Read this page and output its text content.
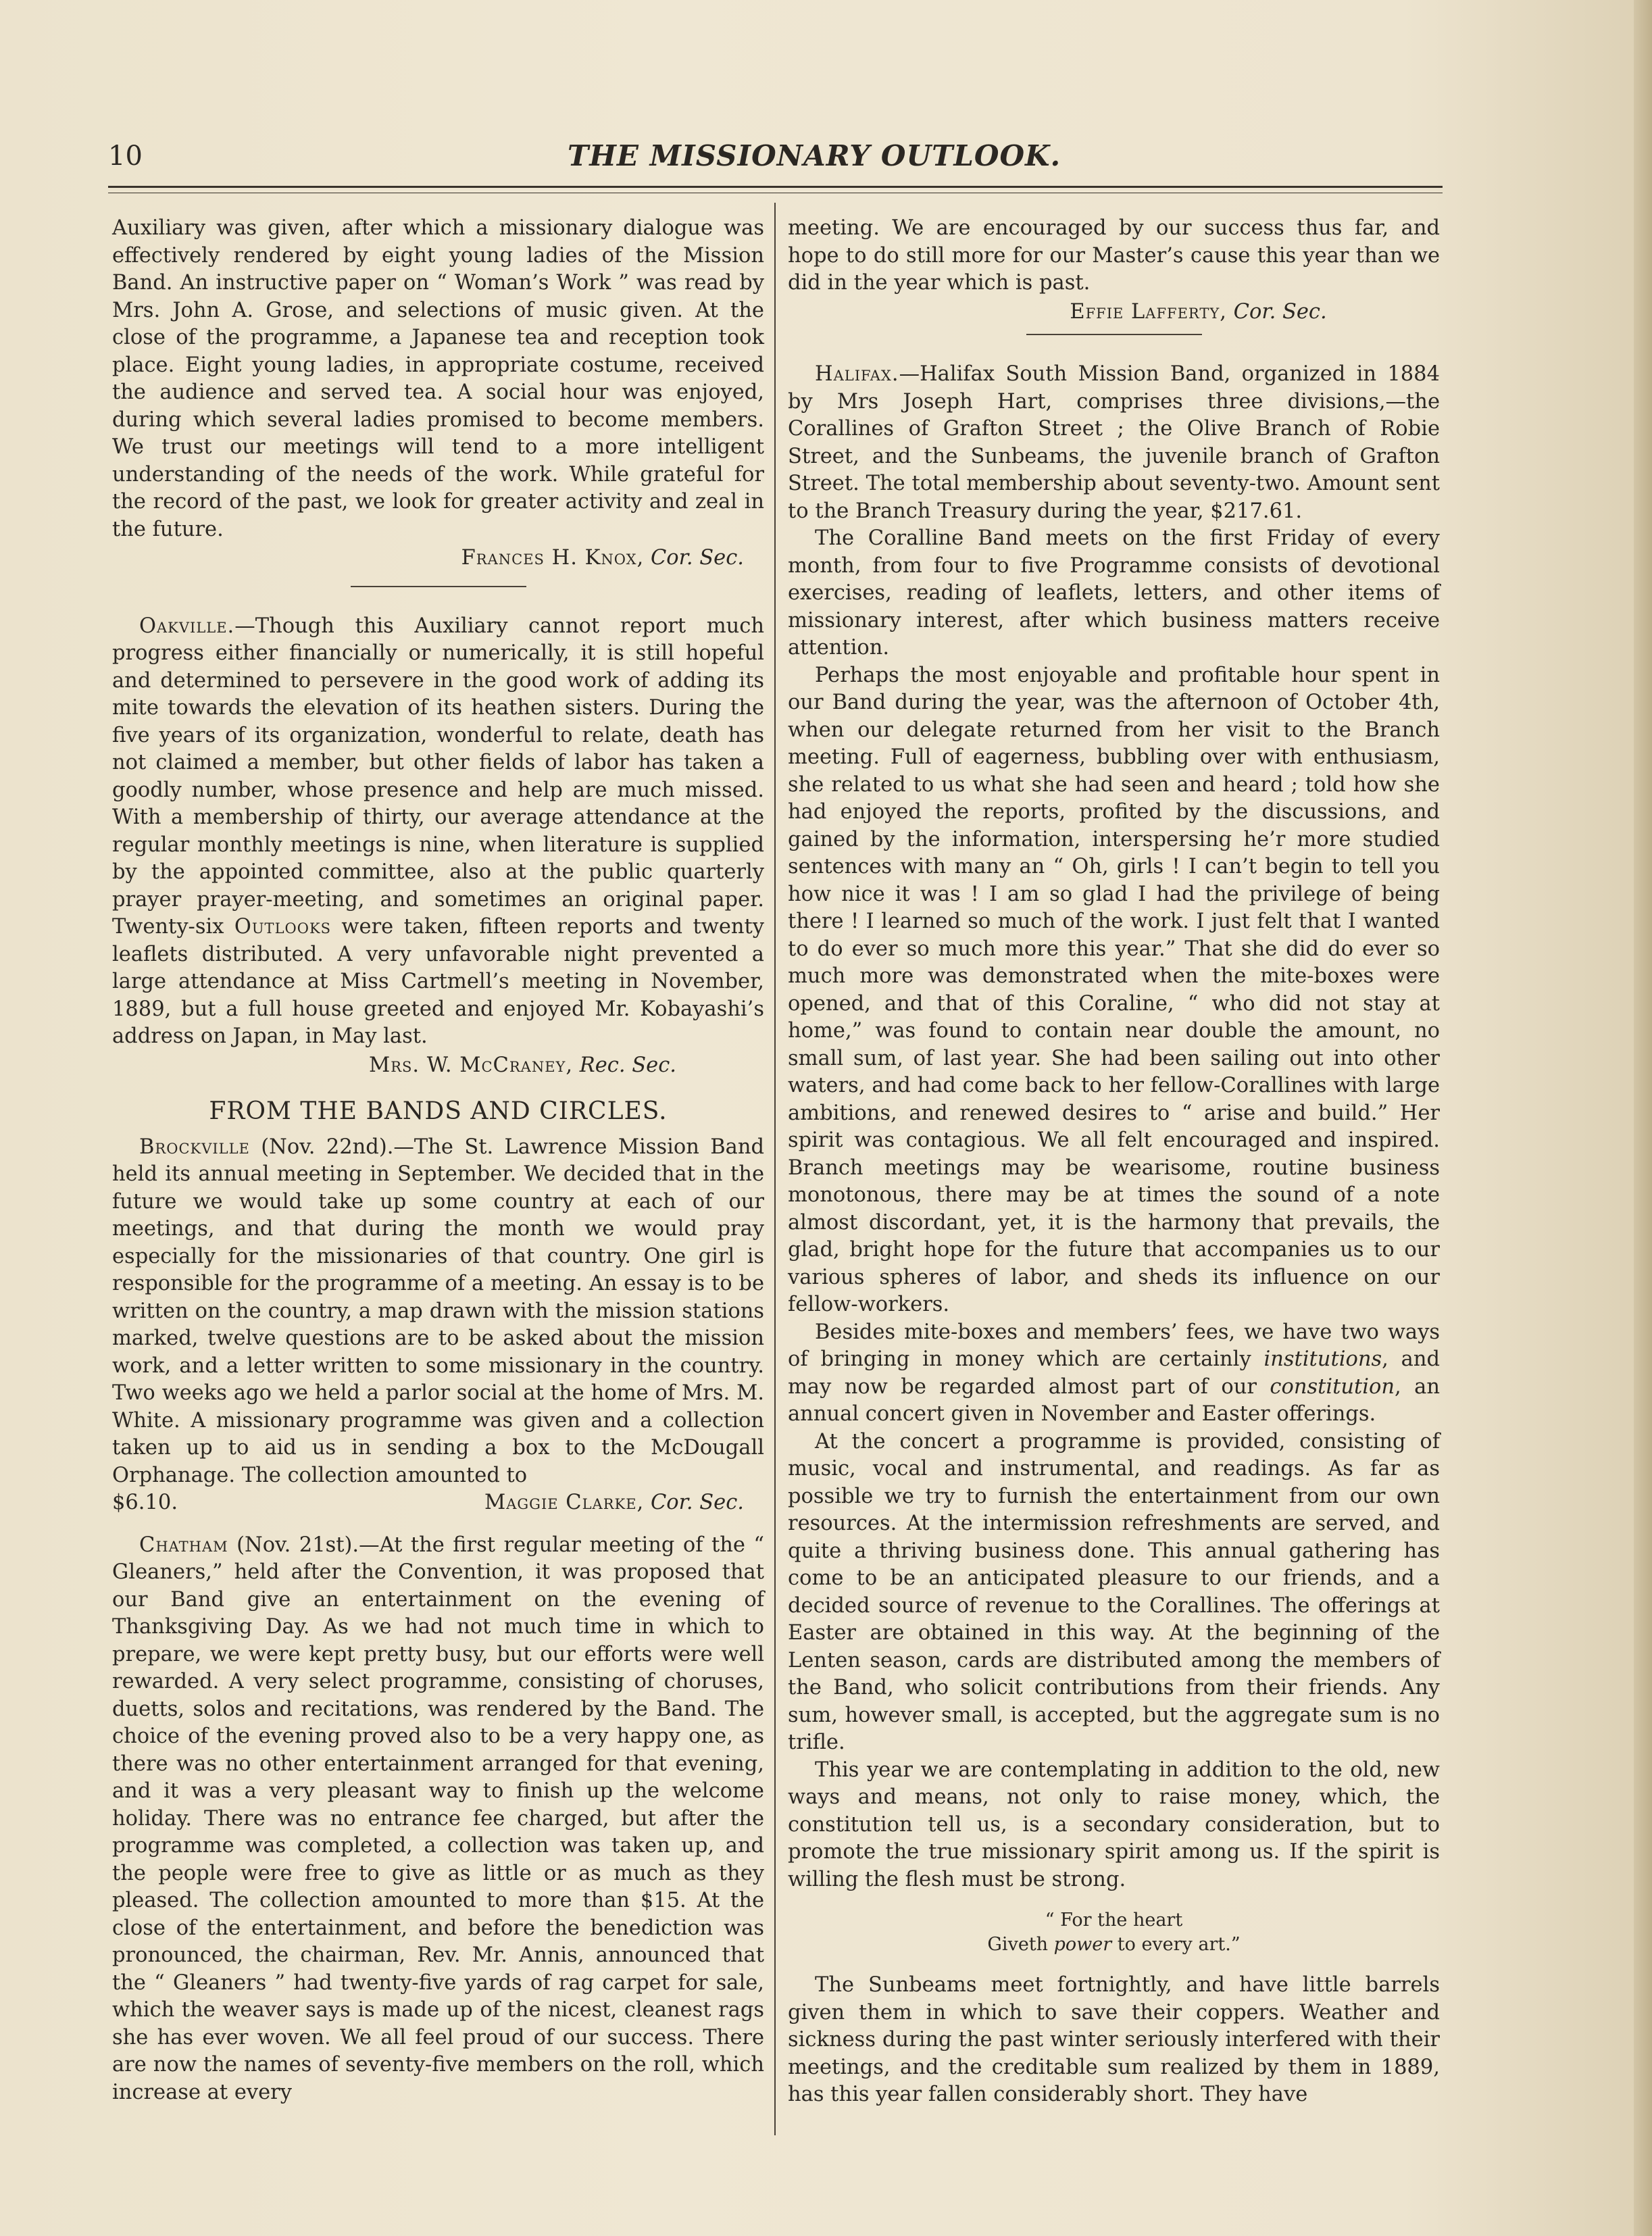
10	THE MISSIONARY OUTLOOK.

Auxiliary was given, after which a missionary dialogue was effectively rendered by eight young ladies of the Mission Band. An instructive paper on “ Woman’s Work ” was read by Mrs. John A. Grose, and selections of music given. At the close of the programme, a Japanese tea and reception took place. Eight young ladies, in appropriate costume, received the audience and served tea. A social hour was enjoyed, during which several ladies promised to become members. We trust our meetings will tend to a more intelligent understanding of the needs of the work. While grateful for the record of the past, we look for greater activity and zeal in the future.

Frances H. Knox, Cor. Sec.

Oakville.—Though this Auxiliary cannot report much progress either financially or numerically, it is still hopeful and determined to persevere in the good work of adding its mite towards the elevation of its heathen sisters. During the five years of its organization, wonderful to relate, death has not claimed a member, but other fields of labor has taken a goodly number, whose presence and help are much missed. With a membership of thirty, our average attendance at the regular monthly meetings is nine, when literature is supplied by the appointed committee, also at the public quarterly prayer prayer-meeting, and sometimes an original paper. Twenty-six Outlooks were taken, fifteen reports and twenty leaflets distributed. A very unfavorable night prevented a large attendance at Miss Cartmell’s meeting in November, 1889, but a full house greeted and enjoyed Mr. Kobayashi’s address on Japan, in May last.

Mrs. W. McCraney, Rec. Sec.
FROM THE BANDS AND CIRCLES.

Brockville (Nov. 22nd).—The St. Lawrence Mission Band held its annual meeting in September. We decided that in the future we would take up some country at each of our meetings, and that during the month we would pray especially for the missionaries of that country. One girl is responsible for the programme of a meeting. An essay is to be written on the country, a map drawn with the mission stations marked, twelve questions are to be asked about the mission work, and a letter written to some missionary in the country. Two weeks ago we held a parlor social at the home of Mrs. M. White. A missionary programme was given and a collection taken up to aid us in sending a box to the McDougall Orphanage. The collection amounted to

$6.10.	Maggie Clarke, Cor. Sec.

Chatham (Nov. 21st).—At the first regular meeting of the “ Gleaners,” held after the Convention, it was proposed that our Band give an entertainment on the evening of Thanksgiving Day. As we had not much time in which to prepare, we were kept pretty busy, but our efforts were well rewarded. A very select programme, consisting of choruses, duetts, solos and recitations, was rendered by the Band. The choice of the evening proved also to be a very happy one, as there was no other entertainment arranged for that evening, and it was a very pleasant way to finish up the welcome holiday. There was no entrance fee charged, but after the programme was completed, a collection was taken up, and the people were free to give as little or as much as they pleased. The collection amounted to more than $15. At the close of the entertainment, and before the benediction was pronounced, the chairman, Rev. Mr. Annis, announced that the “ Gleaners ” had twenty-five yards of rag carpet for sale, which the weaver says is made up of the nicest, cleanest rags she has ever woven. We all feel proud of our success. There are now the names of seventy-five members on the roll, which increase at every

meeting. We are encouraged by our success thus far, and hope to do still more for our Master’s cause this year than we did in the year which is past.

Effie Lafferty, Cor. Sec.

Halifax.—Halifax South Mission Band, organized in 1884 by Mrs Joseph Hart, comprises three divisions,—the Corallines of Grafton Street ; the Olive Branch of Robie Street, and the Sunbeams, the juvenile branch of Grafton Street. The total membership about seventy-two. Amount sent to the Branch Treasury during the year, $217.61.

The Coralline Band meets on the first Friday of every month, from four to five Programme consists of devotional exercises, reading of leaflets, letters, and other items of missionary interest, after which business matters receive attention.

Perhaps the most enjoyable and profitable hour spent in our Band during the year, was the afternoon of October 4th, when our delegate returned from her visit to the Branch meeting. Full of eagerness, bubbling over with enthusiasm, she related to us what she had seen and heard ; told how she had enjoyed the reports, profited by the discussions, and gained by the information, interspersing he’r more studied sentences with many an “ Oh, girls ! I can’t begin to tell you how nice it was ! I am so glad I had the privilege of being there ! I learned so much of the work. I just felt that I wanted to do ever so much more this year.” That she did do ever so much more was demonstrated when the mite-boxes were opened, and that of this Coraline, “ who did not stay at home,” was found to contain near double the amount, no small sum, of last year. She had been sailing out into other waters, and had come back to her fellow-Corallines with large ambitions, and renewed desires to “ arise and build.” Her spirit was contagious. We all felt encouraged and inspired. Branch meetings may be wearisome, routine business monotonous, there may be at times the sound of a note almost discordant, yet, it is the harmony that prevails, the glad, bright hope for the future that accompanies us to our various spheres of labor, and sheds its influence on our fellow-workers.

Besides mite-boxes and members’ fees, we have two ways of bringing in money which are certainly institutions, and may now be regarded almost part of our constitution, an annual concert given in November and Easter offerings.

At the concert a programme is provided, consisting of music, vocal and instrumental, and readings. As far as possible we try to furnish the entertainment from our own resources. At the intermission refreshments are served, and quite a thriving business done. This annual gathering has come to be an anticipated pleasure to our friends, and a decided source of revenue to the Corallines. The offerings at Easter are obtained in this way. At the beginning of the Lenten season, cards are distributed among the members of the Band, who solicit contributions from their friends. Any sum, however small, is accepted, but the aggregate sum is no trifle.

This year we are contemplating in addition to the old, new ways and means, not only to raise money, which, the constitution tell us, is a secondary consideration, but to promote the true missionary spirit among us. If the spirit is willing the flesh must be strong.

“ For the heart
Giveth power to every art.”

The Sunbeams meet fortnightly, and have little barrels given them in which to save their coppers. Weather and sickness during the past winter seriously interfered with their meetings, and the creditable sum realized by them in 1889, has this year fallen considerably short. They have
